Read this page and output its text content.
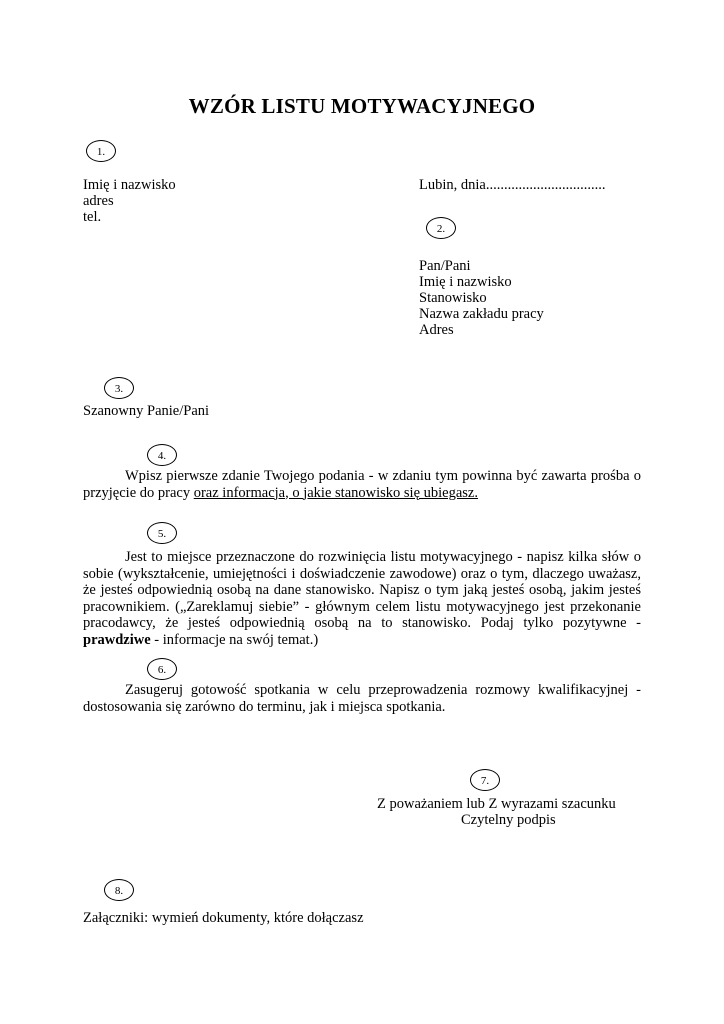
WZÓR LISTU MOTYWACYJNEGO
1.
Imię i nazwisko
adres
tel.
Lubin, dnia.................................
2.
Pan/Pani
Imię i nazwisko
Stanowisko
Nazwa zakładu pracy
Adres
3.
Szanowny Panie/Pani
4.

Wpisz pierwsze zdanie Twojego podania - w zdaniu tym powinna być zawarta prośba o przyjęcie do pracy oraz informacja, o jakie stanowisko się ubiegasz.

5.

Jest to miejsce przeznaczone do rozwinięcia listu motywacyjnego - napisz kilka słów o sobie (wykształcenie, umiejętności i doświadczenie zawodowe) oraz o tym, dlaczego uważasz, że jesteś odpowiednią osobą na dane stanowisko. Napisz o tym jaką jesteś osobą, jakim jesteś pracownikiem. („Zareklamuj siebie” - głównym celem listu motywacyjnego jest przekonanie pracodawcy, że jesteś odpowiednią osobą na to stanowisko. Podaj tylko pozytywne -prawdziwe - informacje na swój temat.)

6.

Zasugeruj gotowość spotkania w celu przeprowadzenia rozmowy kwalifikacyjnej - dostosowania się zarówno do terminu, jak i miejsca spotkania.

7.
Z poważaniem lub Z wyrazami szacunku
Czytelny podpis
8.
Załączniki: wymień dokumenty, które dołączasz
